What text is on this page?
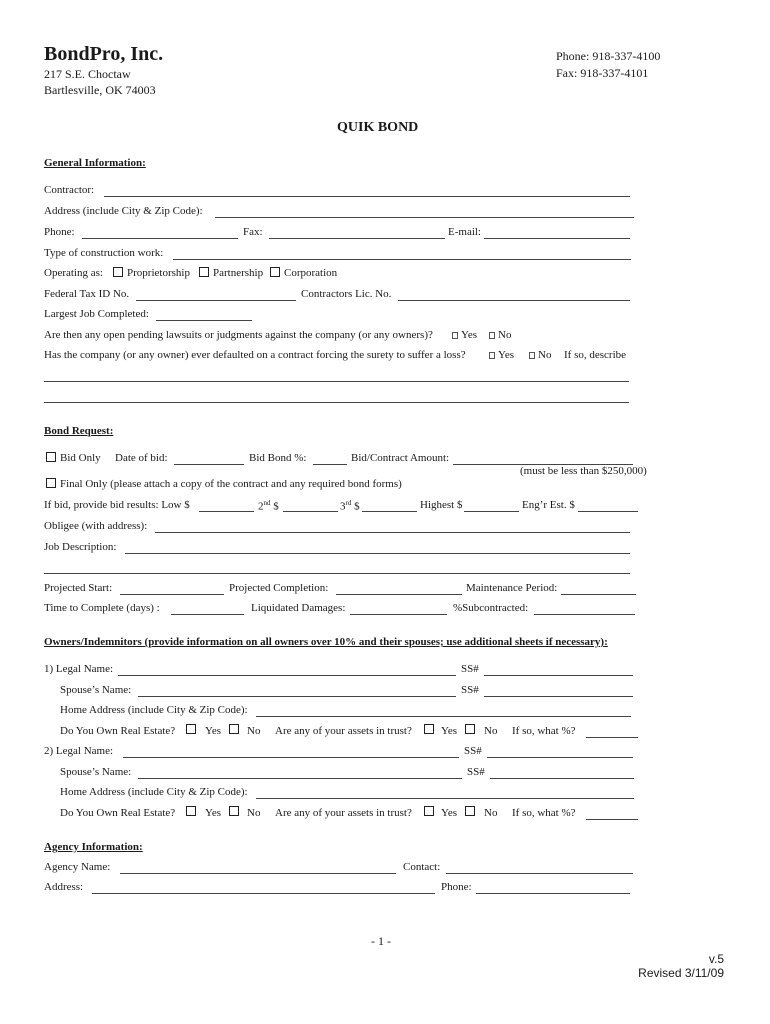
BondPro, Inc.
217 S.E. Choctaw
Bartlesville, OK 74003
Phone: 918-337-4100
Fax: 918-337-4101
QUIK BOND
General Information:
Contractor:
Address (include City & Zip Code):
Phone:	Fax:	E-mail:
Type of construction work:
Operating as: Proprietorship Partnership Corporation
Federal Tax ID No.	Contractors Lic. No.
Largest Job Completed:
Are then any open pending lawsuits or judgments against the company (or any owners)?	Yes	No
Has the company (or any owner) ever defaulted on a contract forcing the surety to suffer a loss?	Yes	No If so, describe
Bond Request:
Bid Only Date of bid:	Bid Bond %:	Bid/Contract Amount:
(must be less than $250,000)
Final Only (please attach a copy of the contract and any required bond forms)
If bid, provide bid results: Low $	2nd $	3rd $	Highest $	Eng’r Est. $
Obligee (with address):
Job Description:
Projected Start:	Projected Completion:	Maintenance Period:
Time to Complete (days) :	Liquidated Damages:	%Subcontracted:
Owners/Indemnitors (provide information on all owners over 10% and their spouses; use additional sheets if necessary):
1) Legal Name:	SS#
Spouse’s Name:	SS#
Home Address (include City & Zip Code):
Do You Own Real Estate?	Yes No Are any of your assets in trust?	Yes No If so, what %?
2) Legal Name:	SS#
Spouse’s Name:	SS#
Home Address (include City & Zip Code):
Do You Own Real Estate?	Yes No Are any of your assets in trust?	Yes No If so, what %?
Agency Information:
Agency Name:	Contact:
Address:	Phone:
- 1 -
v.5
Revised 3/11/09
